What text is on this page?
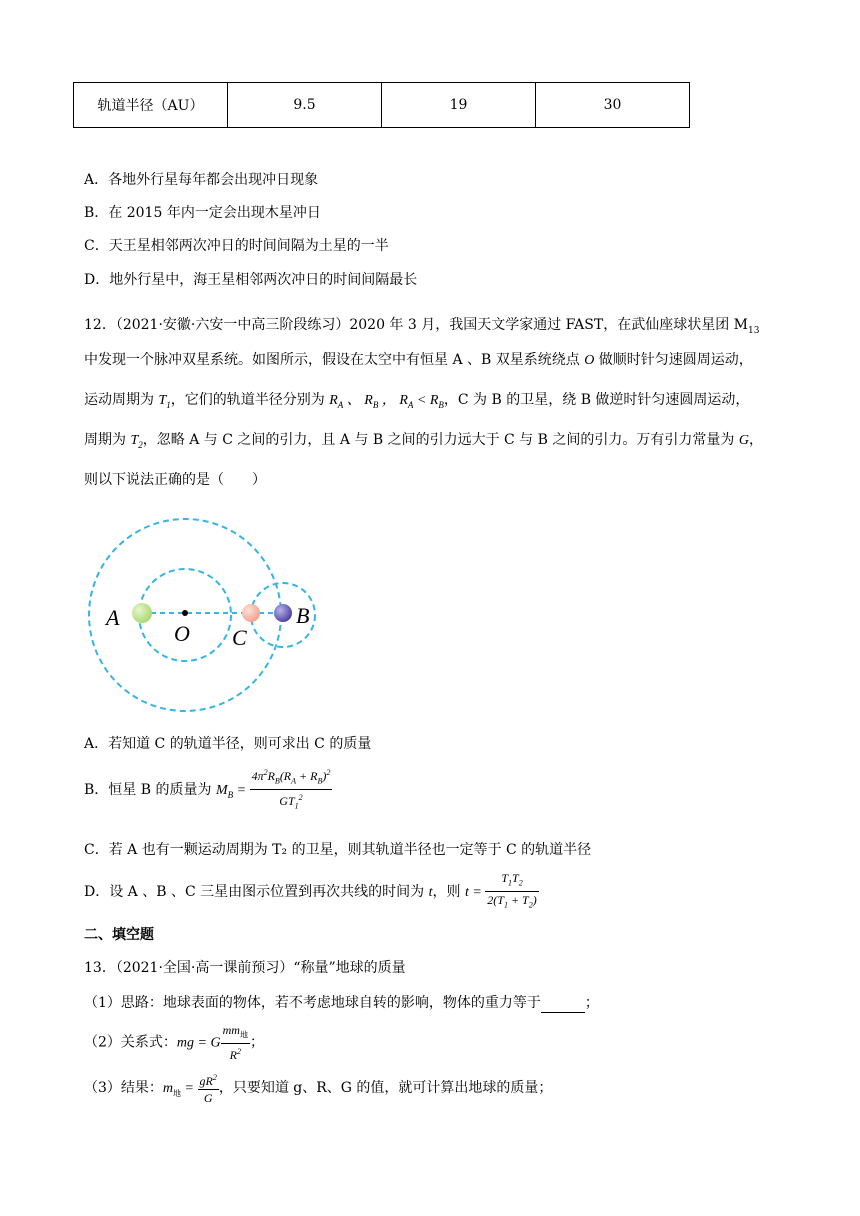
轨道半径（AU）	9.5	19	30
A．各地外行星每年都会出现冲日现象
B．在 2015 年内一定会出现木星冲日
C．天王星相邻两次冲日的时间间隔为土星的一半
D．地外行星中，海王星相邻两次冲日的时间间隔最长
12．（2021·安徽·六安一中高三阶段练习）2020 年 3 月，我国天文学家通过 FAST，在武仙座球状星团 $M_{13}$
中发现一个脉冲双星系统。如图所示，假设在太空中有恒星 A 、B 双星系统绕点 O 做顺时针匀速圆周运动，
运动周期为 $T_1$，它们的轨道半径分别为 $R_A$ 、 $R_B$ ， $R_A < R_B$，C 为 B 的卫星，绕 B 做逆时针匀速圆周运动，
周期为 $T_2$，忽略 A 与 C 之间的引力，且 A 与 B 之间的引力远大于 C 与 B 之间的引力。万有引力常量为 G，
则以下说法正确的是（　　）
A
O C
B
A．若知道 C 的轨道半径，则可求出 C 的质量
B．恒星 B 的质量为 $M_B = \frac{4\pi^2R_B(R_A + R_B)^2}{GT_1^2}$
C．若 A 也有一颗运动周期为 T₂ 的卫星，则其轨道半径也一定等于 C 的轨道半径
D．设 A 、B 、C 三星由图示位置到再次共线的时间为 t，则 $t = \frac{T_1T_2}{2(T_1 + T_2)}$
二、填空题
13．（2021·全国·高一课前预习）“称量”地球的质量
（1）思路：地球表面的物体，若不考虑地球自转的影响，物体的重力等于	；
（2）关系式：mg = G $\frac{mm_地}{R^2}$ ；
（3）结果：$m_地 = \frac{gR^2}{G}$ ，只要知道 g、R、G 的值，就可计算出地球的质量；
